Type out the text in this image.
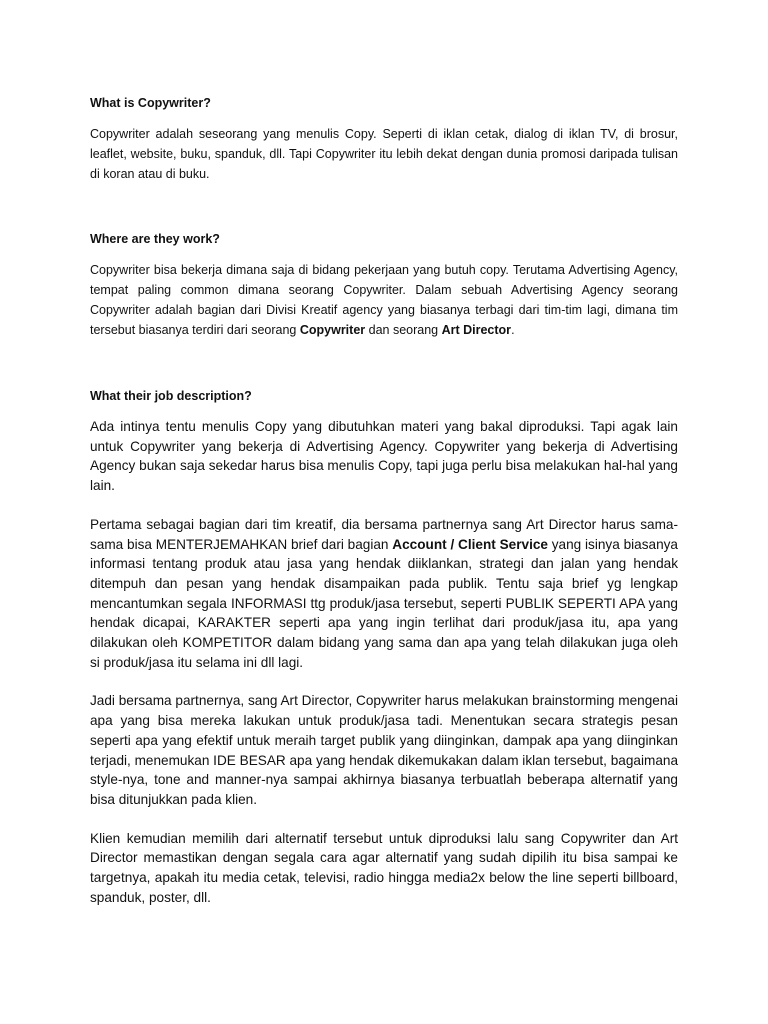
What is Copywriter?

Copywriter adalah seseorang yang menulis Copy. Seperti di iklan cetak, dialog di iklan TV, di brosur, leaflet, website, buku, spanduk, dll. Tapi Copywriter itu lebih dekat dengan dunia promosi daripada tulisan di koran atau di buku.

Where are they work?

Copywriter bisa bekerja dimana saja di bidang pekerjaan yang butuh copy. Terutama Advertising Agency, tempat paling common dimana seorang Copywriter. Dalam sebuah Advertising Agency seorang Copywriter adalah bagian dari Divisi Kreatif agency yang biasanya terbagi dari tim-tim lagi, dimana tim tersebut biasanya terdiri dari seorang Copywriter dan seorang Art Director.

What their job description?

Ada intinya tentu menulis Copy yang dibutuhkan materi yang bakal diproduksi. Tapi agak lain untuk Copywriter yang bekerja di Advertising Agency. Copywriter yang bekerja di Advertising Agency bukan saja sekedar harus bisa menulis Copy, tapi juga perlu bisa melakukan hal-hal yang lain.

Pertama sebagai bagian dari tim kreatif, dia bersama partnernya sang Art Director harus sama-sama bisa MENTERJEMAHKAN brief dari bagian Account / Client Service yang isinya biasanya informasi tentang produk atau jasa yang hendak diiklankan, strategi dan jalan yang hendak ditempuh dan pesan yang hendak disampaikan pada publik. Tentu saja brief yg lengkap mencantumkan segala INFORMASI ttg produk/jasa tersebut, seperti PUBLIK SEPERTI APA yang hendak dicapai, KARAKTER seperti apa yang ingin terlihat dari produk/jasa itu, apa yang dilakukan oleh KOMPETITOR dalam bidang yang sama dan apa yang telah dilakukan juga oleh si produk/jasa itu selama ini dll lagi.

Jadi bersama partnernya, sang Art Director, Copywriter harus melakukan brainstorming mengenai apa yang bisa mereka lakukan untuk produk/jasa tadi. Menentukan secara strategis pesan seperti apa yang efektif untuk meraih target publik yang diinginkan, dampak apa yang diinginkan terjadi, menemukan IDE BESAR apa yang hendak dikemukakan dalam iklan tersebut, bagaimana style-nya, tone and manner-nya sampai akhirnya biasanya terbuatlah beberapa alternatif yang bisa ditunjukkan pada klien.

Klien kemudian memilih dari alternatif tersebut untuk diproduksi lalu sang Copywriter dan Art Director memastikan dengan segala cara agar alternatif yang sudah dipilih itu bisa sampai ke targetnya, apakah itu media cetak, televisi, radio hingga media2x below the line seperti billboard, spanduk, poster, dll.
